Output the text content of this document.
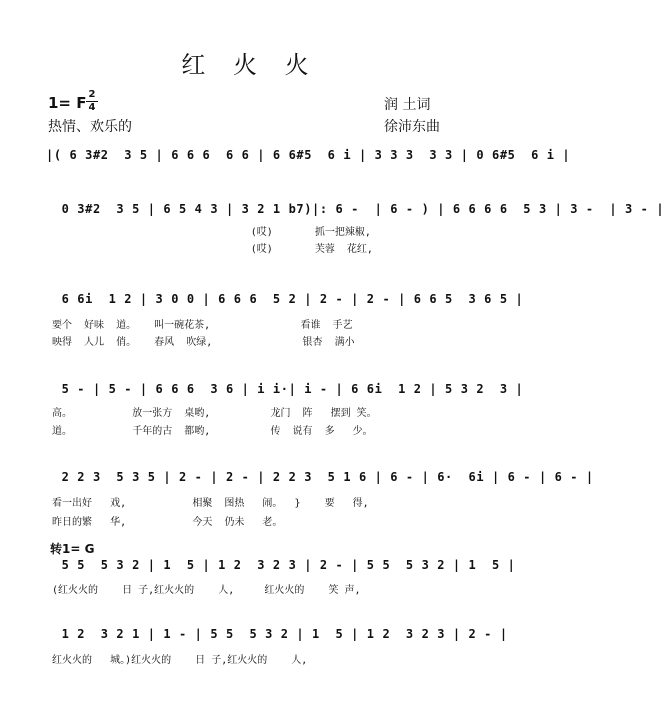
红 火 火
1= F 2
4
热情、欢乐的
润 土词
徐沛东曲
|( 6 3#2  3 5 | 6 6 6  6 6 | 6 6#5  6 i | 3 3 3  3 3 | 0 6#5  6 i |
0 3#2  3 5 | 6 5 4 3 | 3 2 1 b7)|: 6 -  | 6 - ) | 6 6 6 6  5 3 | 3 -  | 3 - |
(哎)       抓一把辣椒,
(哎)       芙蓉  花红,
6 6i  1 2 | 3 0 0 | 6 6 6  5 2 | 2 - | 2 - | 6 6 5  3 6 5 |
要个  好味  道。   叫一碗花茶,               看谁  手艺
映得  人儿  俏。   春风  吹绿,               银杏  满小
5 - | 5 - | 6 6 6  3 6 | i i·| i - | 6 6i  1 2 | 5 3 2  3 |
高。          放一张方  桌哟,          龙门  阵   摆到 笑。
道。          千年的古  都哟,          传  说有  多   少。
2 2 3  5 3 5 | 2 - | 2 - | 2 2 3  5 1 6 | 6 - | 6·  6i | 6 - | 6 - |
看一出好   戏,           相聚  图热   闹。  }    要   得,
昨日的繁   华,           今天  仍未   老。
转1= G
5 5  5 3 2 | 1  5 | 1 2  3 2 3 | 2 - | 5 5  5 3 2 | 1  5 |
(红火火的    日 子,红火火的    人,     红火火的    笑 声,
1 2  3 2 1 | 1 - | 5 5  5 3 2 | 1  5 | 1 2  3 2 3 | 2 - |
红火火的   城。)红火火的    日 子,红火火的    人,
